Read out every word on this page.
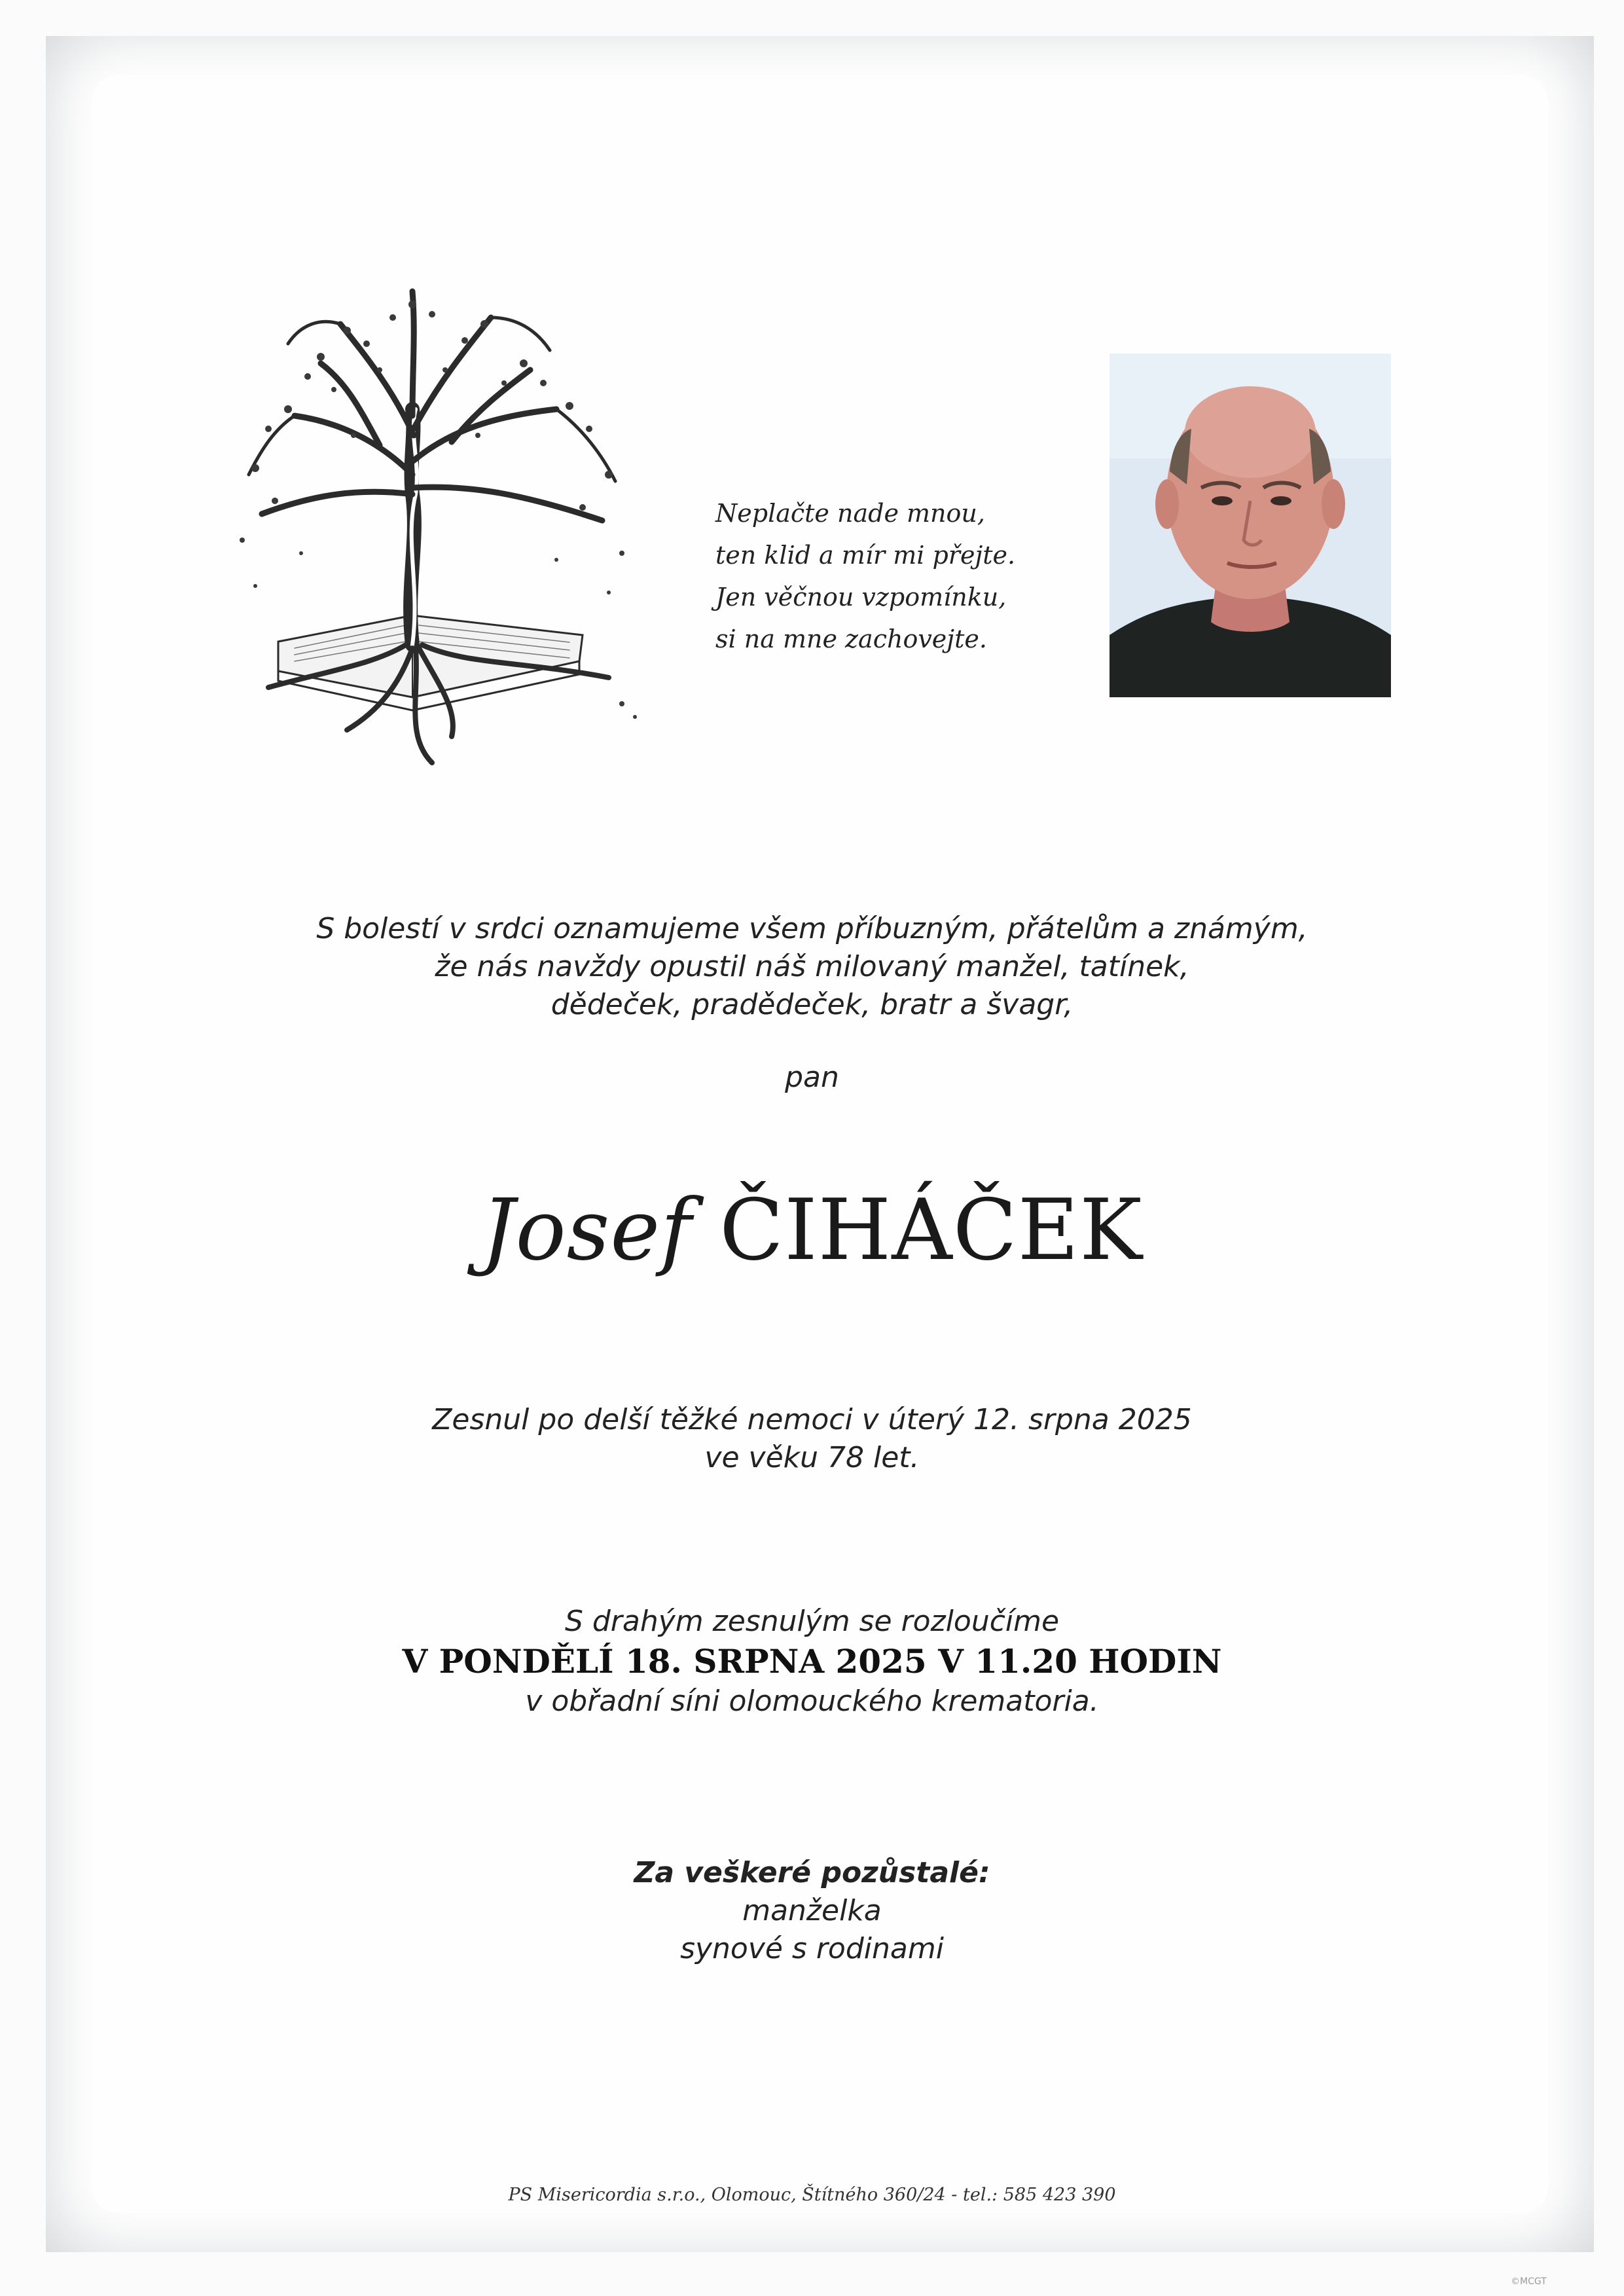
Neplačte nade mnou,
ten klid a mír mi přejte.
Jen věčnou vzpomínku,
si na mne zachovejte.
S bolestí v srdci oznamujeme všem příbuzným, přátelům a známým,
že nás navždy opustil náš milovaný manžel, tatínek,
dědeček, pradědeček, bratr a švagr,
pan
Josef ČIHÁČEK
Zesnul po delší těžké nemoci v úterý 12. srpna 2025
ve věku 78 let.
S drahým zesnulým se rozloučíme
V PONDĚLÍ 18. SRPNA 2025 V 11.20 HODIN
v obřadní síni olomouckého krematoria.
Za veškeré pozůstalé:
manželka
synové s rodinami
PS Misericordia s.r.o., Olomouc, Štítného 360/24 - tel.: 585 423 390
©MCGT
